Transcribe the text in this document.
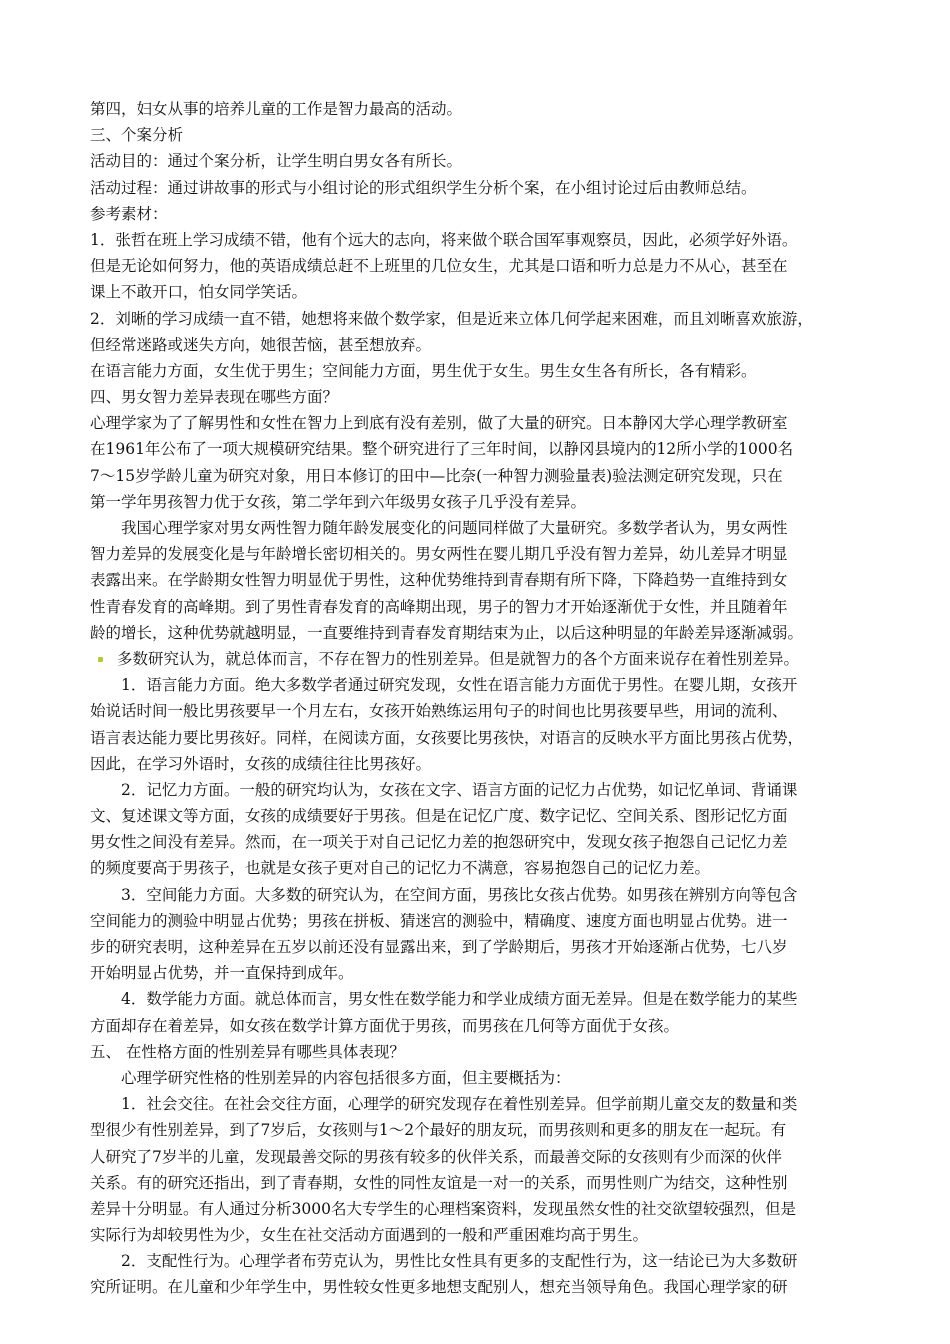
第四，妇女从事的培养儿童的工作是智力最高的活动。
三、个案分析
活动目的：通过个案分析，让学生明白男女各有所长。
活动过程：通过讲故事的形式与小组讨论的形式组织学生分析个案，在小组讨论过后由教师总结。
参考素材：
1．张哲在班上学习成绩不错，他有个远大的志向，将来做个联合国军事观察员，因此，必须学好外语。
但是无论如何努力，他的英语成绩总赶不上班里的几位女生，尤其是口语和听力总是力不从心，甚至在
课上不敢开口，怕女同学笑话。
2．刘晰的学习成绩一直不错，她想将来做个数学家，但是近来立体几何学起来困难，而且刘晰喜欢旅游，
但经常迷路或迷失方向，她很苦恼，甚至想放弃。
在语言能力方面，女生优于男生；空间能力方面，男生优于女生。男生女生各有所长，各有精彩。
四、男女智力差异表现在哪些方面？
心理学家为了了解男性和女性在智力上到底有没有差别，做了大量的研究。日本静冈大学心理学教研室
在1961年公布了一项大规模研究结果。整个研究进行了三年时间，以静冈县境内的12所小学的1000名
7～15岁学龄儿童为研究对象，用日本修订的田中—比奈(一种智力测验量表)验法测定研究发现，只在
第一学年男孩智力优于女孩，第二学年到六年级男女孩子几乎没有差异。
我国心理学家对男女两性智力随年龄发展变化的问题同样做了大量研究。多数学者认为，男女两性
智力差异的发展变化是与年龄增长密切相关的。男女两性在婴儿期几乎没有智力差异，幼儿差异才明显
表露出来。在学龄期女性智力明显优于男性，这种优势维持到青春期有所下降，下降趋势一直维持到女
性青春发育的高峰期。到了男性青春发育的高峰期出现，男子的智力才开始逐渐优于女性，并且随着年
龄的增长，这种优势就越明显，一直要维持到青春发育期结束为止，以后这种明显的年龄差异逐渐减弱。
多数研究认为，就总体而言，不存在智力的性别差异。但是就智力的各个方面来说存在着性别差异。
1．语言能力方面。绝大多数学者通过研究发现，女性在语言能力方面优于男性。在婴儿期，女孩开
始说话时间一般比男孩要早一个月左右，女孩开始熟练运用句子的时间也比男孩要早些，用词的流利、
语言表达能力要比男孩好。同样，在阅读方面，女孩要比男孩快，对语言的反映水平方面比男孩占优势，
因此，在学习外语时，女孩的成绩往往比男孩好。
2．记忆力方面。一般的研究均认为，女孩在文字、语言方面的记忆力占优势，如记忆单词、背诵课
文、复述课文等方面，女孩的成绩要好于男孩。但是在记忆广度、数字记忆、空间关系、图形记忆方面
男女性之间没有差异。然而，在一项关于对自己记忆力差的抱怨研究中，发现女孩子抱怨自己记忆力差
的频度要高于男孩子，也就是女孩子更对自己的记忆力不满意，容易抱怨自己的记忆力差。
3．空间能力方面。大多数的研究认为，在空间方面，男孩比女孩占优势。如男孩在辨别方向等包含
空间能力的测验中明显占优势；男孩在拼板、猜迷宫的测验中，精确度、速度方面也明显占优势。进一
步的研究表明，这种差异在五岁以前还没有显露出来，到了学龄期后，男孩才开始逐渐占优势，七八岁
开始明显占优势，并一直保持到成年。
4．数学能力方面。就总体而言，男女性在数学能力和学业成绩方面无差异。但是在数学能力的某些
方面却存在着差异，如女孩在数学计算方面优于男孩，而男孩在几何等方面优于女孩。
五、 在性格方面的性别差异有哪些具体表现？
心理学研究性格的性别差异的内容包括很多方面，但主要概括为：
1．社会交往。在社会交往方面，心理学的研究发现存在着性别差异。但学前期儿童交友的数量和类
型很少有性别差异，到了7岁后，女孩则与1～2个最好的朋友玩，而男孩则和更多的朋友在一起玩。有
人研究了7岁半的儿童，发现最善交际的男孩有较多的伙伴关系，而最善交际的女孩则有少而深的伙伴
关系。有的研究还指出，到了青春期，女性的同性友谊是一对一的关系，而男性则广为结交，这种性别
差异十分明显。有人通过分析3000名大专学生的心理档案资料，发现虽然女性的社交欲望较强烈，但是
实际行为却较男性为少，女生在社交活动方面遇到的一般和严重困难均高于男生。
2．支配性行为。心理学者布劳克认为，男性比女性具有更多的支配性行为，这一结论已为大多数研
究所证明。在儿童和少年学生中，男性较女性更多地想支配别人，想充当领导角色。我国心理学家的研
